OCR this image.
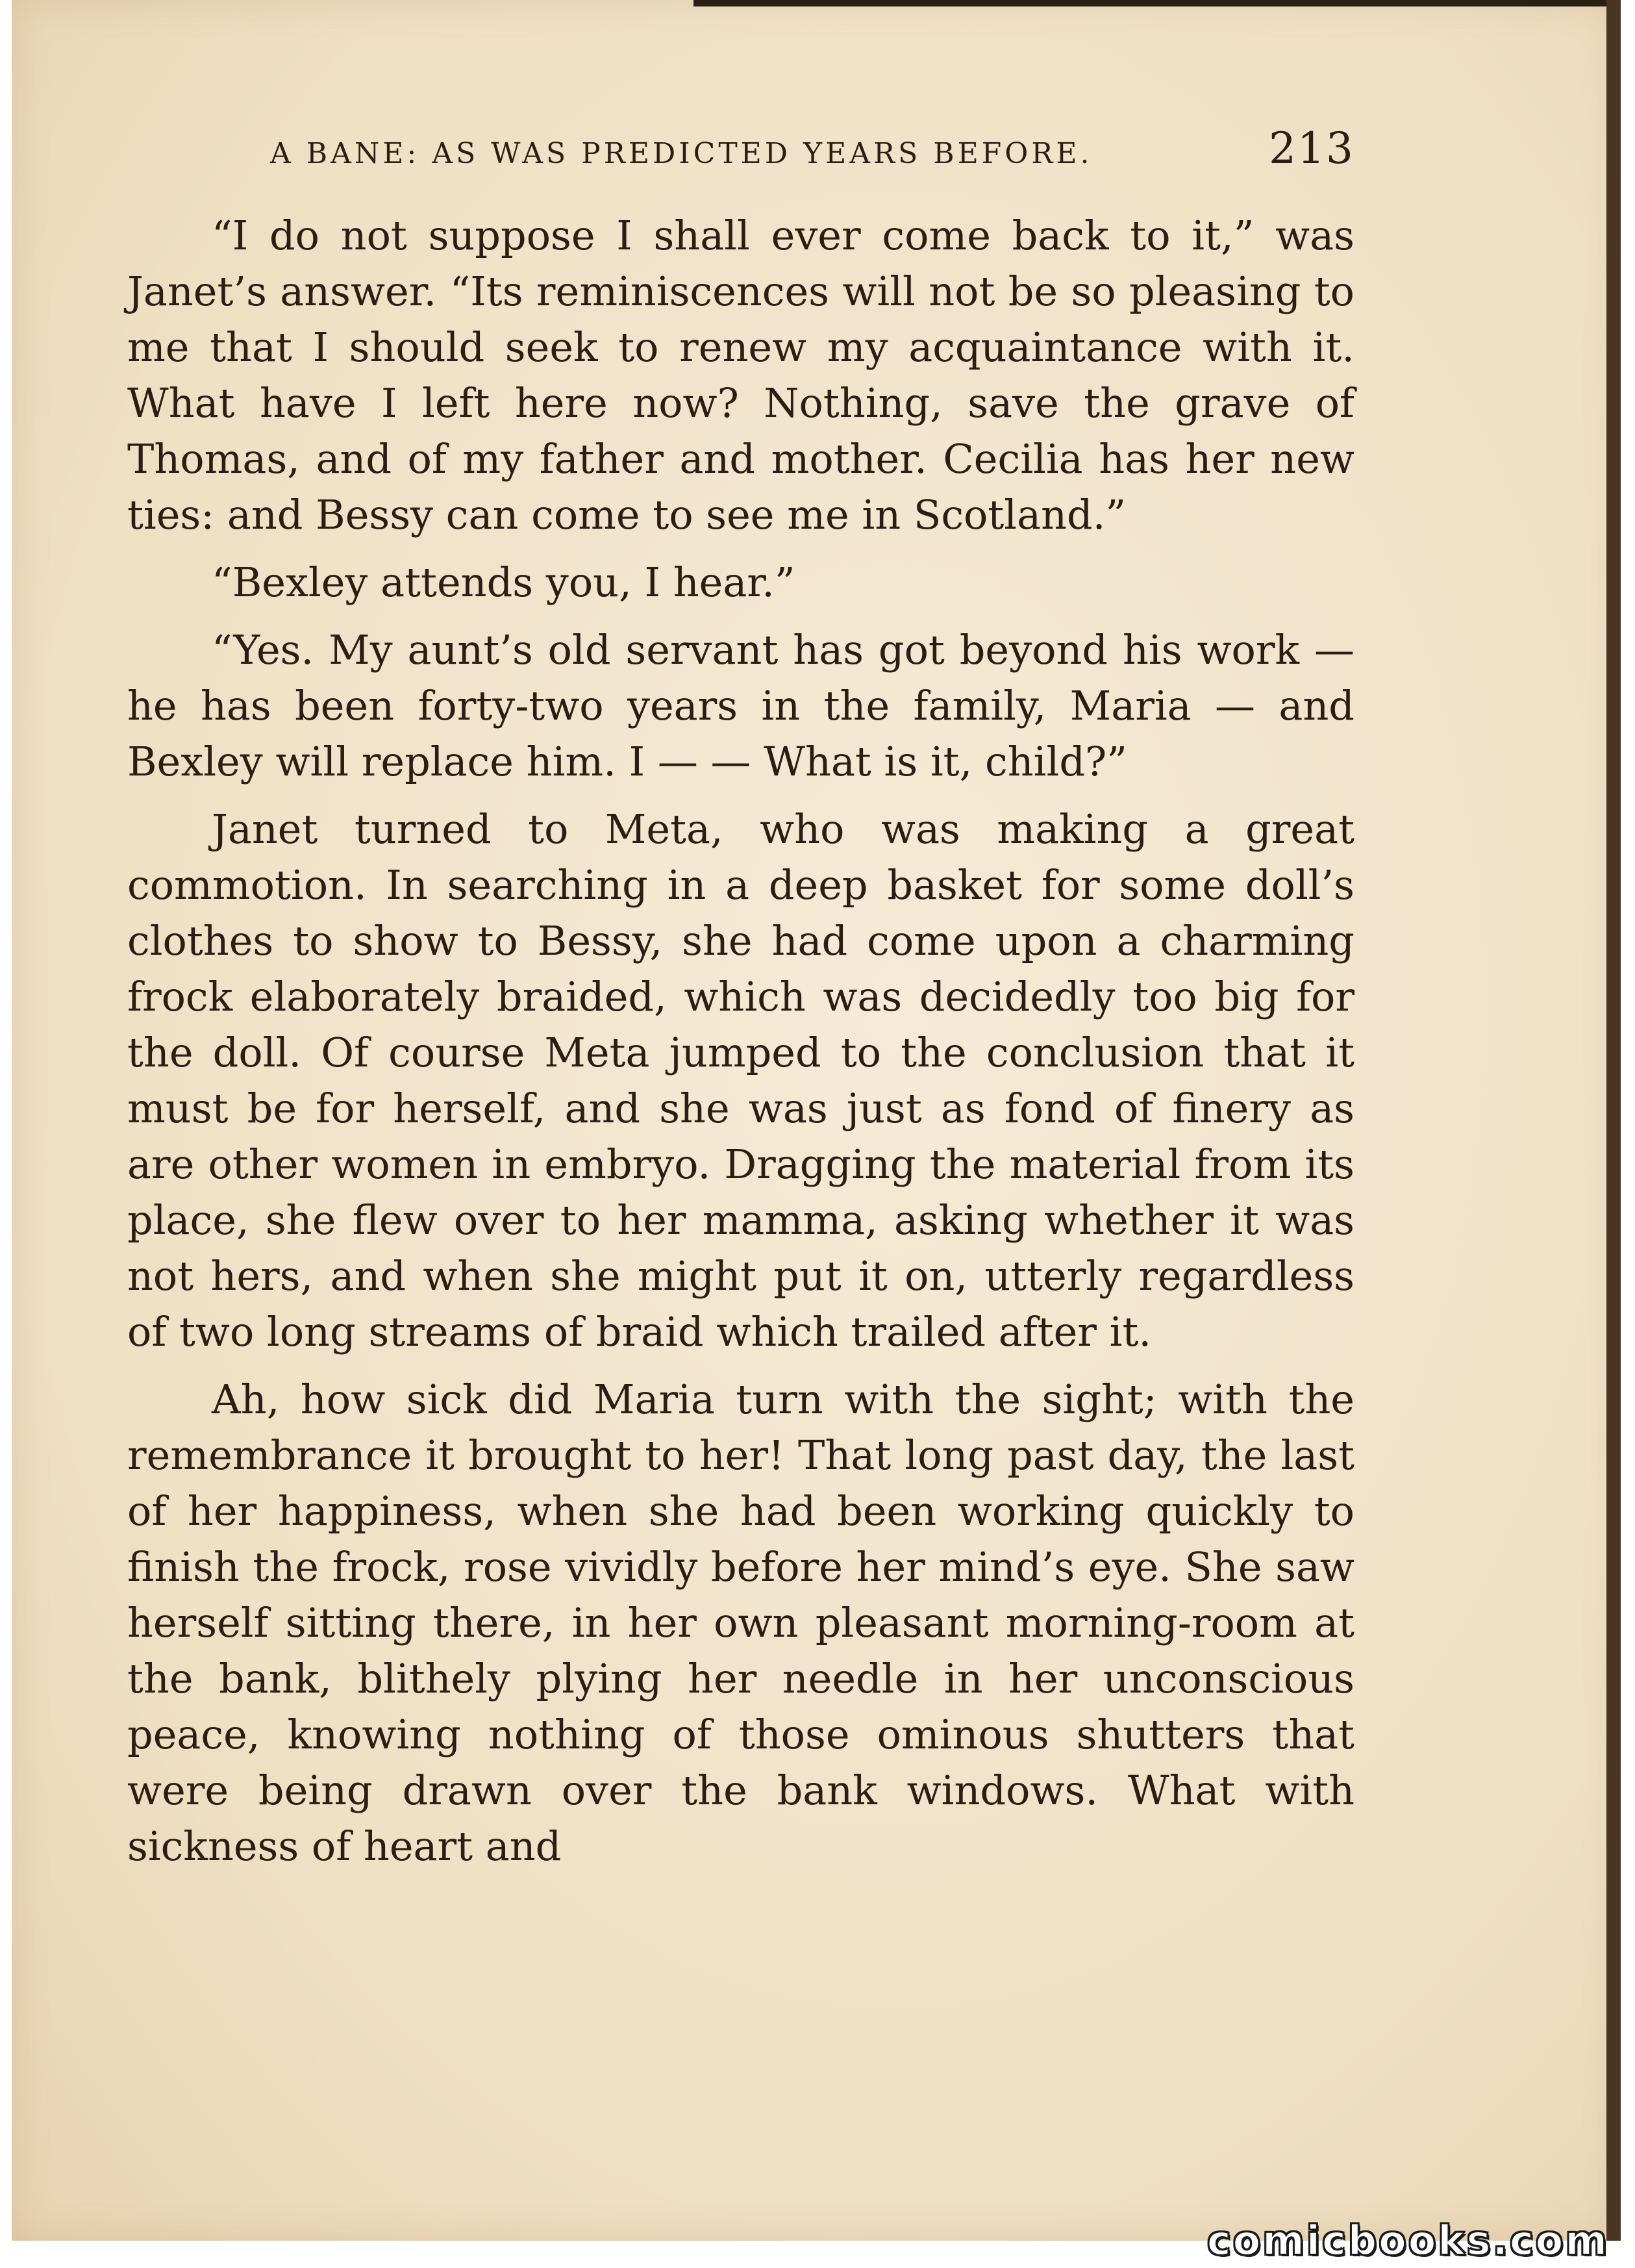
A BANE: AS WAS PREDICTED YEARS BEFORE.	213

“I do not suppose I shall ever come back to it,” was Janet’s answer. “Its reminiscences will not be so pleasing to me that I should seek to renew my acquaintance with it. What have I left here now? Nothing, save the grave of Thomas, and of my father and mother. Cecilia has her new ties: and Bessy can come to see me in Scotland.”

“Bexley attends you, I hear.”

“Yes. My aunt’s old servant has got beyond his work — he has been forty-two years in the family, Maria — and Bexley will replace him. I — — What is it, child?”

Janet turned to Meta, who was making a great commotion. In searching in a deep basket for some doll’s clothes to show to Bessy, she had come upon a charming frock elaborately braided, which was decidedly too big for the doll. Of course Meta jumped to the conclusion that it must be for herself, and she was just as fond of finery as are other women in embryo. Dragging the material from its place, she flew over to her mamma, asking whether it was not hers, and when she might put it on, utterly regardless of two long streams of braid which trailed after it.

Ah, how sick did Maria turn with the sight; with the remembrance it brought to her! That long past day, the last of her happiness, when she had been working quickly to finish the frock, rose vividly before her mind’s eye. She saw herself sitting there, in her own pleasant morning-room at the bank, blithely plying her needle in her unconscious peace, knowing nothing of those ominous shutters that were being drawn over the bank windows. What with sickness of heart and

comicbooks.com
